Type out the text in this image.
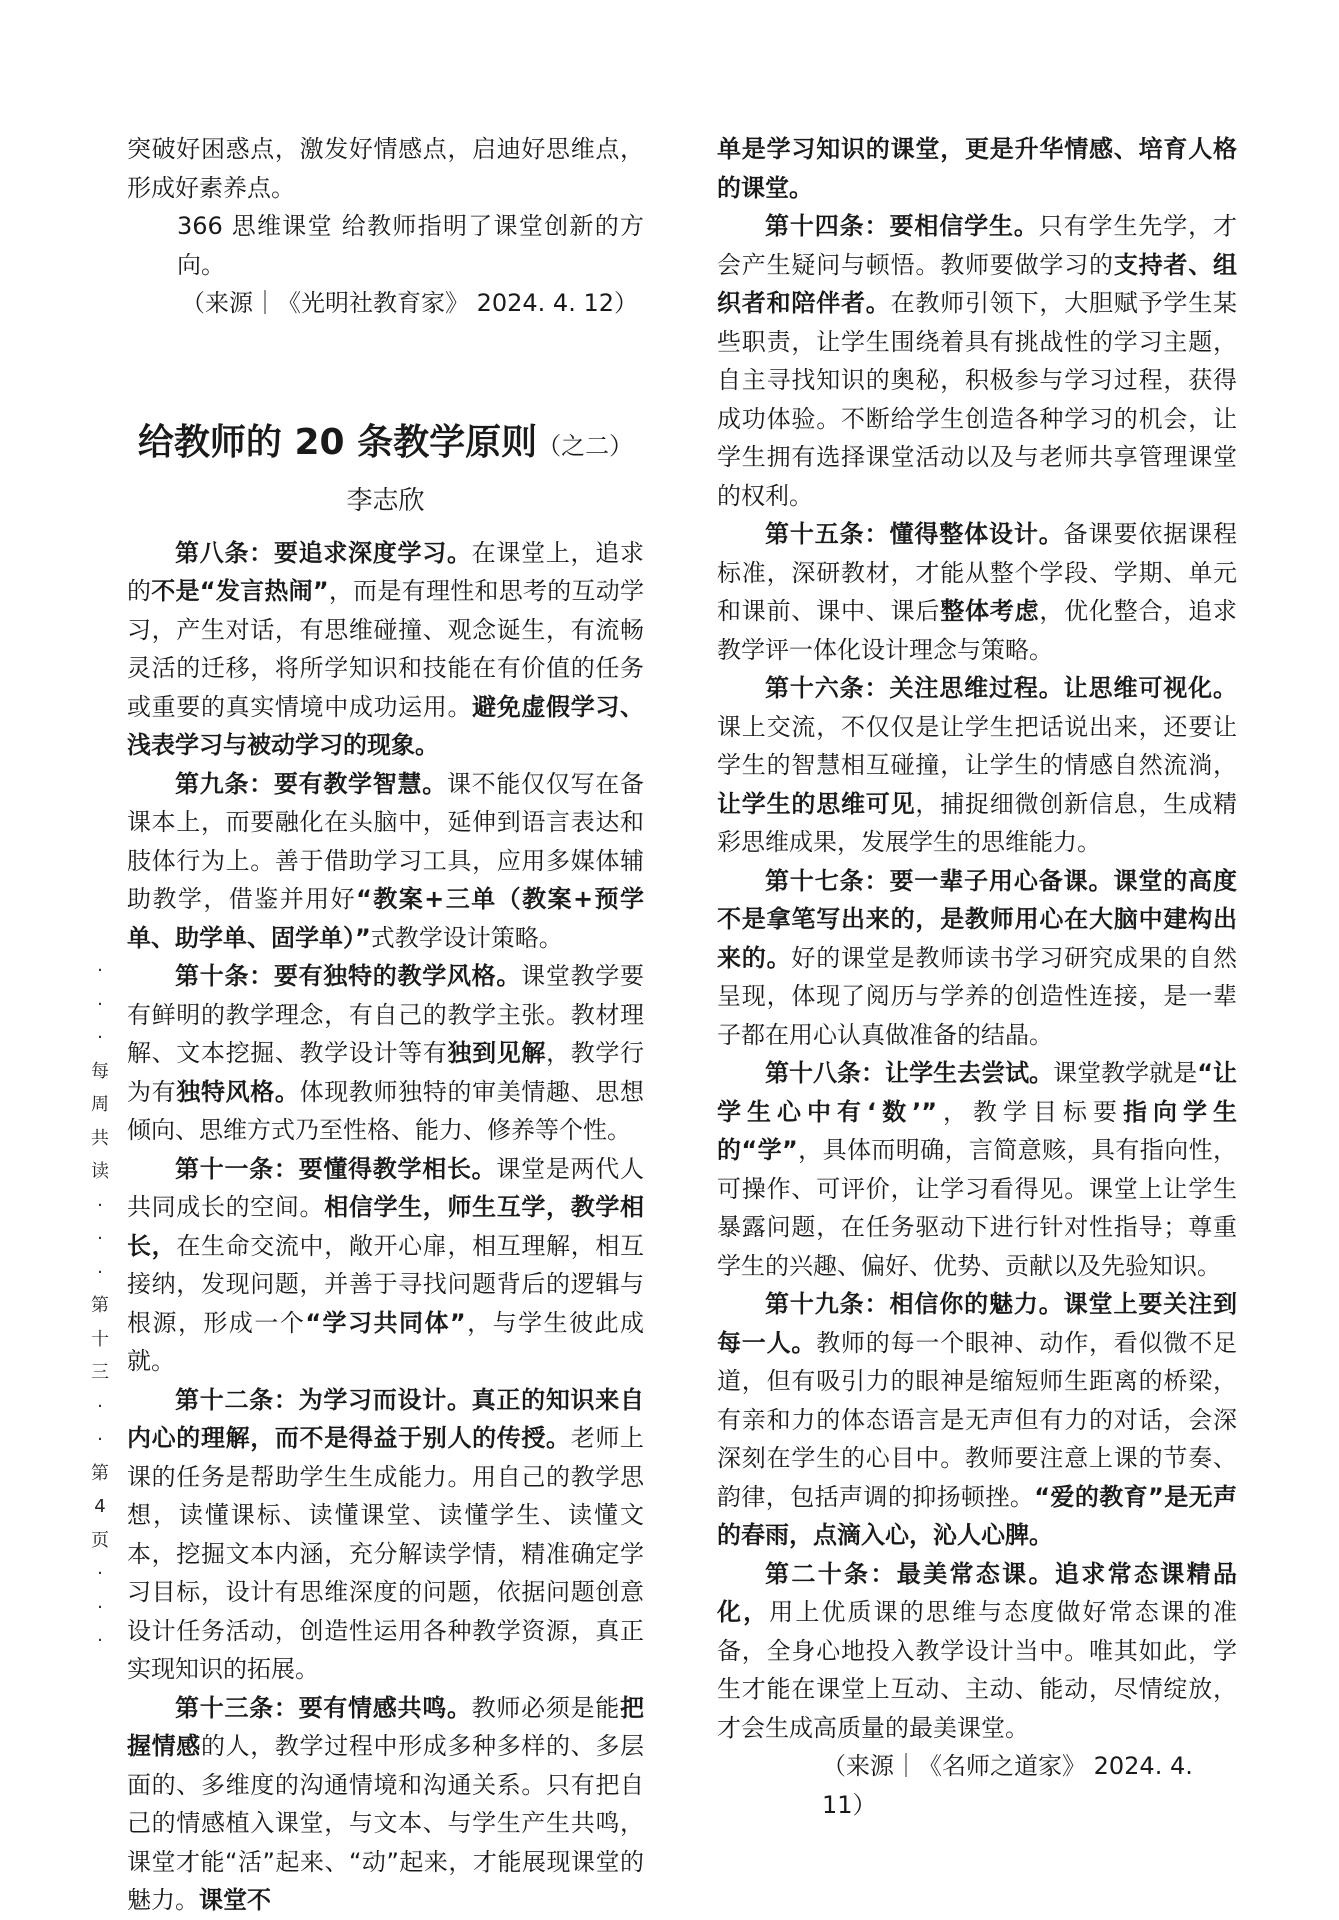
·
·
·
每
周
共
读
·
·
·
第
十
三
·
·
第
4
页
·
·
·

突破好困惑点，激发好情感点，启迪好思维点，形成好素养点。

366 思维课堂 给教师指明了课堂创新的方向。

（来源｜《光明社教育家》 2024. 4. 12）

给教师的 20 条教学原则（之二）

李志欣

第八条：要追求深度学习。在课堂上，追求的不是“发言热闹”，而是有理性和思考的互动学习，产生对话，有思维碰撞、观念诞生，有流畅灵活的迁移，将所学知识和技能在有价值的任务或重要的真实情境中成功运用。避免虚假学习、浅表学习与被动学习的现象。

第九条：要有教学智慧。课不能仅仅写在备课本上，而要融化在头脑中，延伸到语言表达和肢体行为上。善于借助学习工具，应用多媒体辅助教学，借鉴并用好“教案+三单（教案+预学单、助学单、固学单）”式教学设计策略。

第十条：要有独特的教学风格。课堂教学要有鲜明的教学理念，有自己的教学主张。教材理解、文本挖掘、教学设计等有独到见解，教学行为有独特风格。体现教师独特的审美情趣、思想倾向、思维方式乃至性格、能力、修养等个性。

第十一条：要懂得教学相长。课堂是两代人共同成长的空间。相信学生，师生互学，教学相长，在生命交流中，敞开心扉，相互理解，相互接纳，发现问题，并善于寻找问题背后的逻辑与根源，形成一个“学习共同体”，与学生彼此成就。

第十二条：为学习而设计。真正的知识来自内心的理解，而不是得益于别人的传授。老师上课的任务是帮助学生生成能力。用自己的教学思想，读懂课标、读懂课堂、读懂学生、读懂文本，挖掘文本内涵，充分解读学情，精准确定学习目标，设计有思维深度的问题，依据问题创意设计任务活动，创造性运用各种教学资源，真正实现知识的拓展。

第十三条：要有情感共鸣。教师必须是能把握情感的人，教学过程中形成多种多样的、多层面的、多维度的沟通情境和沟通关系。只有把自己的情感植入课堂，与文本、与学生产生共鸣，课堂才能“活”起来、“动”起来，才能展现课堂的魅力。课堂不

单是学习知识的课堂，更是升华情感、培育人格的课堂。

第十四条：要相信学生。只有学生先学，才会产生疑问与顿悟。教师要做学习的支持者、组织者和陪伴者。在教师引领下，大胆赋予学生某些职责，让学生围绕着具有挑战性的学习主题，自主寻找知识的奥秘，积极参与学习过程，获得成功体验。不断给学生创造各种学习的机会，让学生拥有选择课堂活动以及与老师共享管理课堂的权利。

第十五条：懂得整体设计。备课要依据课程标准，深研教材，才能从整个学段、学期、单元和课前、课中、课后整体考虑，优化整合，追求教学评一体化设计理念与策略。

第十六条：关注思维过程。让思维可视化。课上交流，不仅仅是让学生把话说出来，还要让学生的智慧相互碰撞，让学生的情感自然流淌，让学生的思维可见，捕捉细微创新信息，生成精彩思维成果，发展学生的思维能力。

第十七条：要一辈子用心备课。课堂的高度不是拿笔写出来的，是教师用心在大脑中建构出来的。好的课堂是教师读书学习研究成果的自然呈现，体现了阅历与学养的创造性连接，是一辈子都在用心认真做准备的结晶。

第十八条：让学生去尝试。课堂教学就是“让学生心中有‘数’”，教学目标要指向学生的“学”，具体而明确，言简意赅，具有指向性，可操作、可评价，让学习看得见。课堂上让学生暴露问题，在任务驱动下进行针对性指导；尊重学生的兴趣、偏好、优势、贡献以及先验知识。

第十九条：相信你的魅力。课堂上要关注到每一人。教师的每一个眼神、动作，看似微不足道，但有吸引力的眼神是缩短师生距离的桥梁，有亲和力的体态语言是无声但有力的对话，会深深刻在学生的心目中。教师要注意上课的节奏、韵律，包括声调的抑扬顿挫。“爱的教育”是无声的春雨，点滴入心，沁人心脾。

第二十条：最美常态课。追求常态课精品化，用上优质课的思维与态度做好常态课的准备，全身心地投入教学设计当中。唯其如此，学生才能在课堂上互动、主动、能动，尽情绽放，才会生成高质量的最美课堂。

（来源｜《名师之道家》 2024. 4. 11）
